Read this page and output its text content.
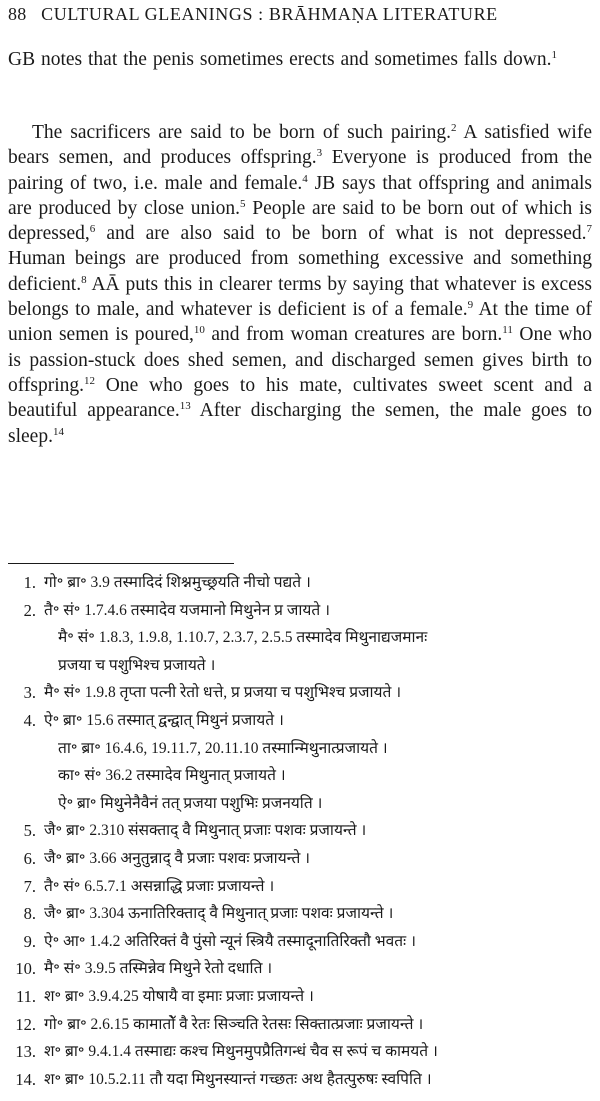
88 CULTURAL GLEANINGS : BRĀHMAṆA LITERATURE
GB notes that the penis sometimes erects and sometimes falls down.$^1$
The sacrificers are said to be born of such pairing.$^2$ A satisfied wife bears semen, and produces offspring.$^3$ Everyone is produced from the pairing of two, i.e. male and female.$^4$ JB says that offspring and animals are produced by close union.$^5$ People are said to be born out of which is depressed,$^6$ and are also said to be born of what is not depressed.$^7$ Human beings are produced from something excessive and something deficient.$^8$ AĀ puts this in clearer terms by saying that whatever is excess belongs to male, and whatever is deficient is of a female.$^9$ At the time of union semen is poured,$^{10}$ and from woman creatures are born.$^{11}$ One who is passion-stuck does shed semen, and discharged semen gives birth to offspring.$^{12}$ One who goes to his mate, cultivates sweet scent and a beautiful appearance.$^{13}$ After discharging the semen, the male goes to sleep.$^{14}$
1. गो॰ ब्रा॰ 3.9 तस्मादिदं शिश्नमुच्छ्रयति नीचो पद्यते ।
2. तै॰ सं॰ 1.7.4.6 तस्मादेव यजमानो मिथुनेन प्र जायते ।
मै॰ सं॰ 1.8.3, 1.9.8, 1.10.7, 2.3.7, 2.5.5 तस्मादेव मिथुनाद्यजमानः
प्रजया च पशुभिश्च प्रजायते ।
3. मै॰ सं॰ 1.9.8 तृप्ता पत्नी रेतो धत्ते, प्र प्रजया च पशुभिश्च प्रजायते ।
4. ऐ॰ ब्रा॰ 15.6 तस्मात् द्वन्द्वात् मिथुनं प्रजायते ।
ता॰ ब्रा॰ 16.4.6, 19.11.7, 20.11.10 तस्मान्मिथुनात्प्रजायते ।
का॰ सं॰ 36.2 तस्मादेव मिथुनात् प्रजायते ।
ऐ॰ ब्रा॰ मिथुनेनैवैनं तत् प्रजया पशुभिः प्रजनयति ।
5. जै॰ ब्रा॰ 2.310 संसक्ताद् वै मिथुनात् प्रजाः पशवः प्रजायन्ते ।
6. जै॰ ब्रा॰ 3.66 अनुतुन्नाद् वै प्रजाः पशवः प्रजायन्ते ।
7. तै॰ सं॰ 6.5.7.1 असन्नाद्धि प्रजाः प्रजायन्ते ।
8. जै॰ ब्रा॰ 3.304 ऊनातिरिक्ताद् वै मिथुनात् प्रजाः पशवः प्रजायन्ते ।
9. ऐ॰ आ॰ 1.4.2 अतिरिक्तं वै पुंसो न्यूनं स्त्रियै तस्मादूनातिरिक्तौ भवतः ।
10. मै॰ सं॰ 3.9.5 तस्मिन्नेव मिथुने रेतो दधाति ।
11. श॰ ब्रा॰ 3.9.4.25 योषायै वा इमाः प्रजाः प्रजायन्ते ।
12. गो॰ ब्रा॰ 2.6.15 कामातोॅ वै रेतः सिञ्चति रेतसः सिक्तात्प्रजाः प्रजायन्ते ।
13. श॰ ब्रा॰ 9.4.1.4 तस्माद्यः कश्च मिथुनमुपप्रैतिगन्धं चैव स रूपं च कामयते ।
14. श॰ ब्रा॰ 10.5.2.11 तौ यदा मिथुनस्यान्तं गच्छतः अथ हैतत्पुरुषः स्वपिति ।
